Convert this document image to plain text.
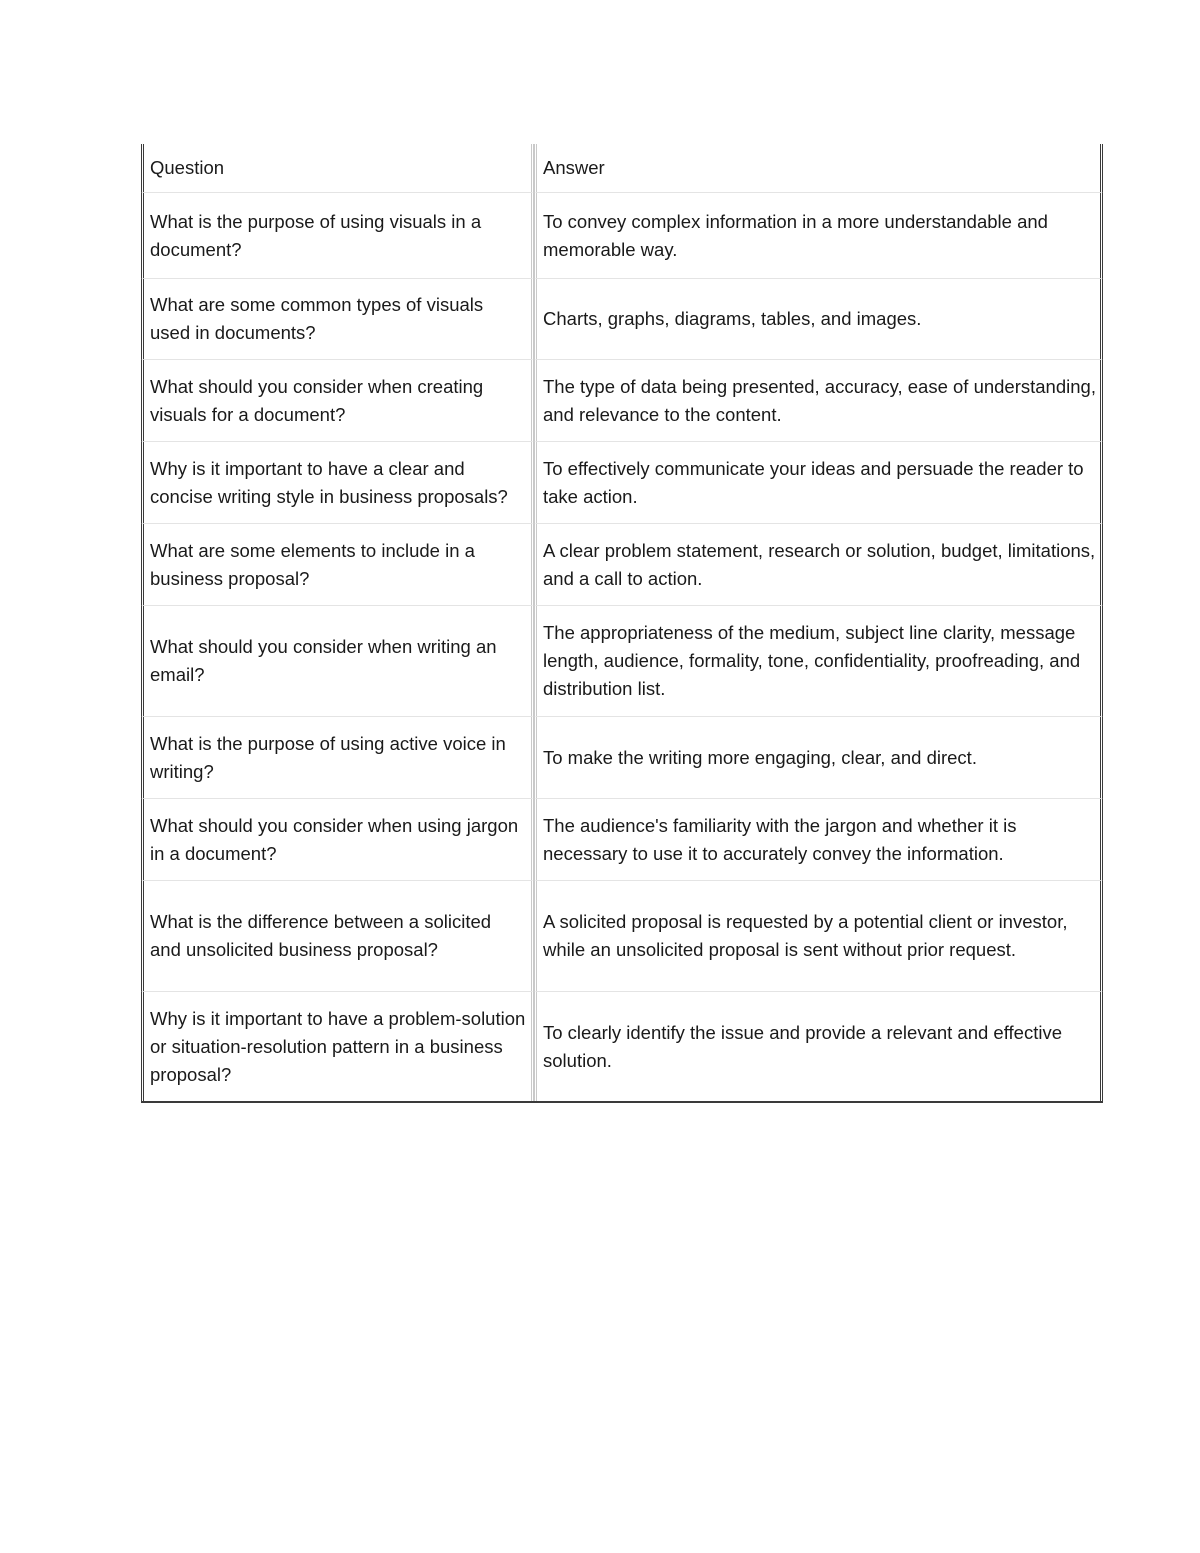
Question	Answer
What is the purpose of using visuals in a document?	To convey complex information in a more understandable and memorable way.
What are some common types of visuals used in documents?	Charts, graphs, diagrams, tables, and images.
What should you consider when creating visuals for a document?	The type of data being presented, accuracy, ease of understanding, and relevance to the content.
Why is it important to have a clear and concise writing style in business proposals?	To effectively communicate your ideas and persuade the reader to take action.
What are some elements to include in a business proposal?	A clear problem statement, research or solution, budget, limitations, and a call to action.
What should you consider when writing an email?	The appropriateness of the medium, subject line clarity, message length, audience, formality, tone, confidentiality, proofreading, and distribution list.
What is the purpose of using active voice in writing?	To make the writing more engaging, clear, and direct.
What should you consider when using jargon in a document?	The audience's familiarity with the jargon and whether it is necessary to use it to accurately convey the information.
What is the difference between a solicited and unsolicited business proposal?	A solicited proposal is requested by a potential client or investor, while an unsolicited proposal is sent without prior request.
Why is it important to have a problem-solution or situation-resolution pattern in a business proposal?	To clearly identify the issue and provide a relevant and effective solution.
